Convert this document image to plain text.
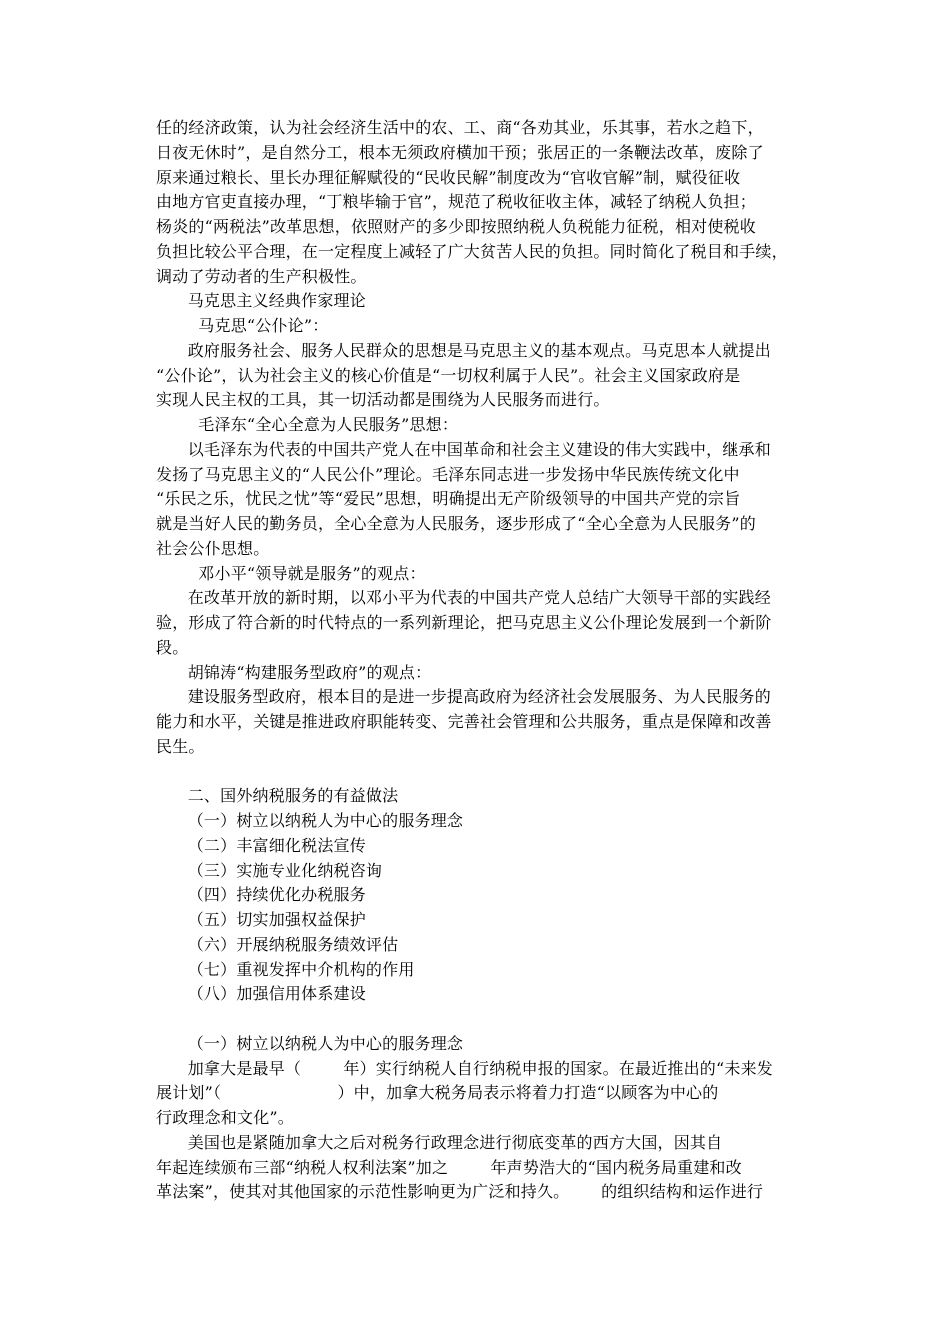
任的经济政策，认为社会经济生活中的农、工、商“各劝其业，乐其事，若水之趋下，
日夜无休时”，是自然分工，根本无须政府横加干预；张居正的一条鞭法改革，废除了
原来通过粮长、里长办理征解赋役的“民收民解”制度改为“官收官解”制，赋役征收
由地方官吏直接办理，“丁粮毕输于官”，规范了税收征收主体，减轻了纳税人负担；
杨炎的“两税法”改革思想，依照财产的多少即按照纳税人负税能力征税，相对使税收
负担比较公平合理，在一定程度上减轻了广大贫苦人民的负担。同时简化了税目和手续，
调动了劳动者的生产积极性。
马克思主义经典作家理论
马克思“公仆论”：
政府服务社会、服务人民群众的思想是马克思主义的基本观点。马克思本人就提出
“公仆论”，认为社会主义的核心价值是“一切权利属于人民”。社会主义国家政府是
实现人民主权的工具，其一切活动都是围绕为人民服务而进行。
毛泽东“全心全意为人民服务”思想：
以毛泽东为代表的中国共产党人在中国革命和社会主义建设的伟大实践中，继承和
发扬了马克思主义的“人民公仆”理论。毛泽东同志进一步发扬中华民族传统文化中
“乐民之乐，忧民之忧”等“爱民”思想，明确提出无产阶级领导的中国共产党的宗旨
就是当好人民的勤务员，全心全意为人民服务，逐步形成了“全心全意为人民服务”的
社会公仆思想。
邓小平“领导就是服务”的观点：
在改革开放的新时期，以邓小平为代表的中国共产党人总结广大领导干部的实践经
验，形成了符合新的时代特点的一系列新理论，把马克思主义公仆理论发展到一个新阶
段。
胡锦涛“构建服务型政府”的观点：
建设服务型政府，根本目的是进一步提高政府为经济社会发展服务、为人民服务的
能力和水平，关键是推进政府职能转变、完善社会管理和公共服务，重点是保障和改善
民生。
二、国外纳税服务的有益做法
（一）树立以纳税人为中心的服务理念
（二）丰富细化税法宣传
（三）实施专业化纳税咨询
（四）持续优化办税服务
（五）切实加强权益保护
（六）开展纳税服务绩效评估
（七）重视发挥中介机构的作用
（八）加强信用体系建设
（一）树立以纳税人为中心的服务理念
加拿大是最早（        年）实行纳税人自行纳税申报的国家。在最近推出的“未来发
展计划”（                      ）中，加拿大税务局表示将着力打造“以顾客为中心的
行政理念和文化”。
美国也是紧随加拿大之后对税务行政理念进行彻底变革的西方大国，因其自
年起连续颁布三部“纳税人权利法案”加之        年声势浩大的“国内税务局重建和改
革法案”，使其对其他国家的示范性影响更为广泛和持久。      的组织结构和运作进行
